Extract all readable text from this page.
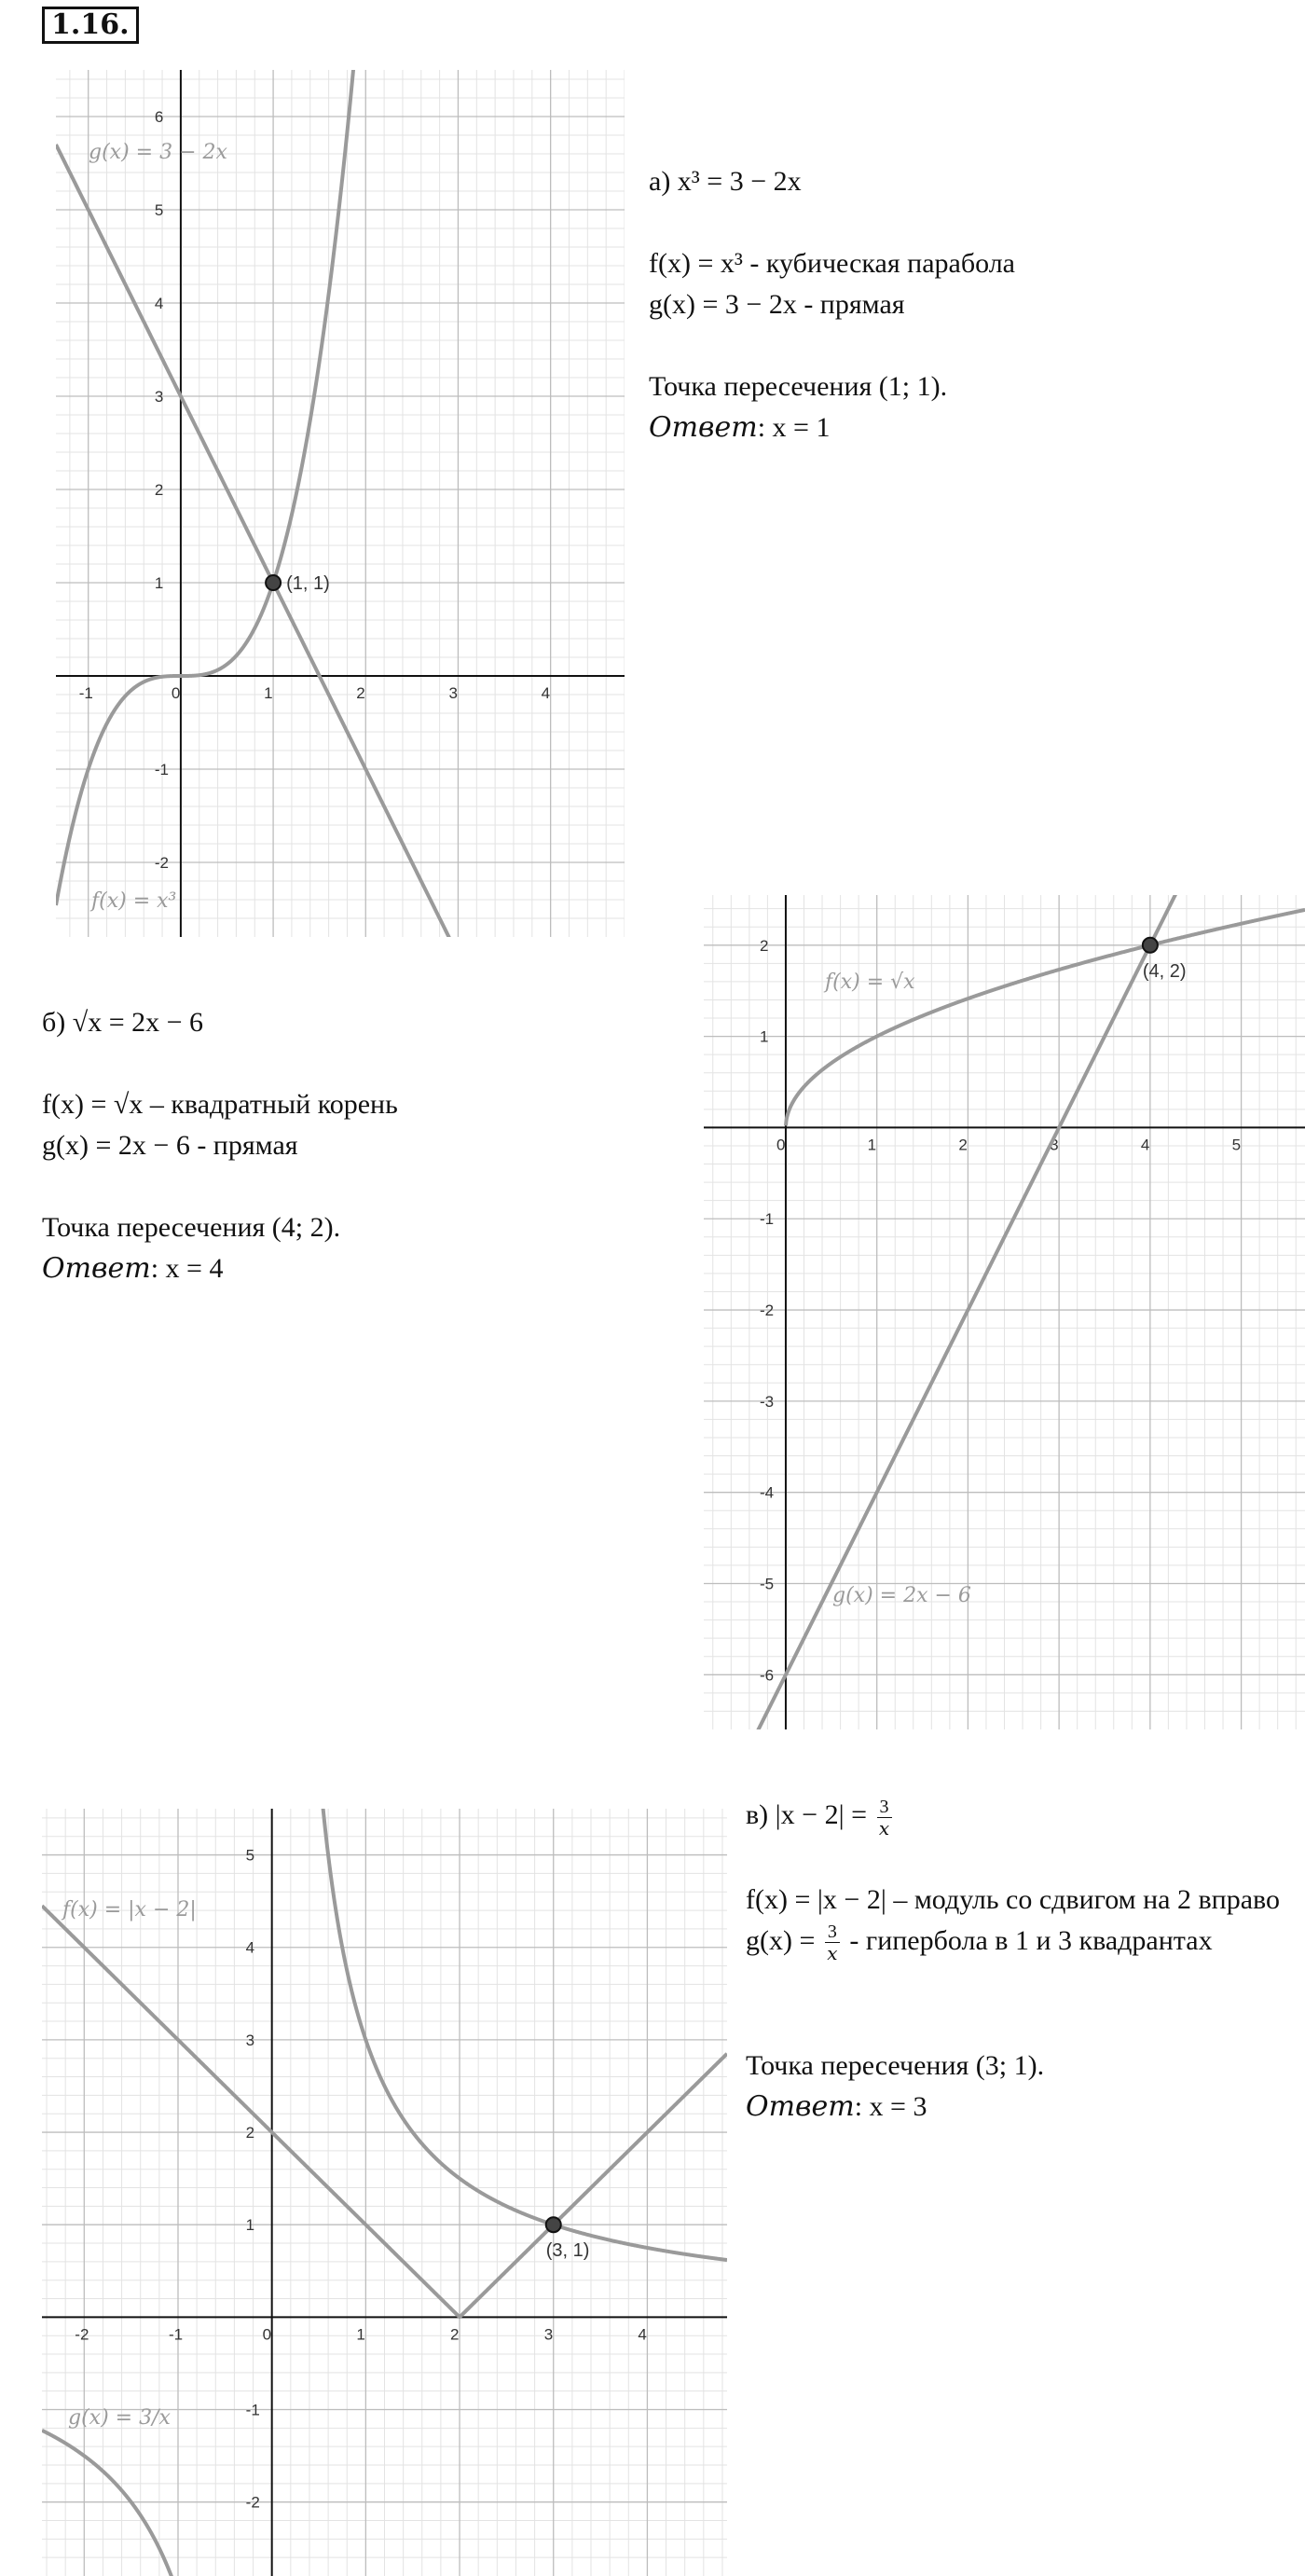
1.16.
-1	0	1	2	3	4
6
5
4
3
2
1
-1
-2
g(x) = 3 − 2x
f(x) = x³
(1, 1)
а) x³ = 3 − 2x
f(x) = x³ - кубическая парабола
g(x) = 3 − 2x - прямая
Точка пересечения (1; 1).
Ответ: x = 1
0	1	2	3	4	5
2
1
-1
-2
-3
-4
-5
-6
f(x) = √x
g(x) = 2x − 6
(4, 2)
б) √x = 2x − 6
f(x) = √x – квадратный корень
g(x) = 2x − 6 - прямая
Точка пересечения (4; 2).
Ответ: x = 4
-2	-1	0	1	2	3	4
5
4
3
2
1
-1
-2
f(x) = |x − 2|
g(x) = 3/x
(3, 1)
в) $|x - 2| = \frac{3}{x}$
f(x) = |x − 2| – модуль со сдвигом на 2 вправо
$g(x) = \frac{3}{x}$ - гипербола в 1 и 3 квадрантах
Точка пересечения (3; 1).
Ответ: x = 3
